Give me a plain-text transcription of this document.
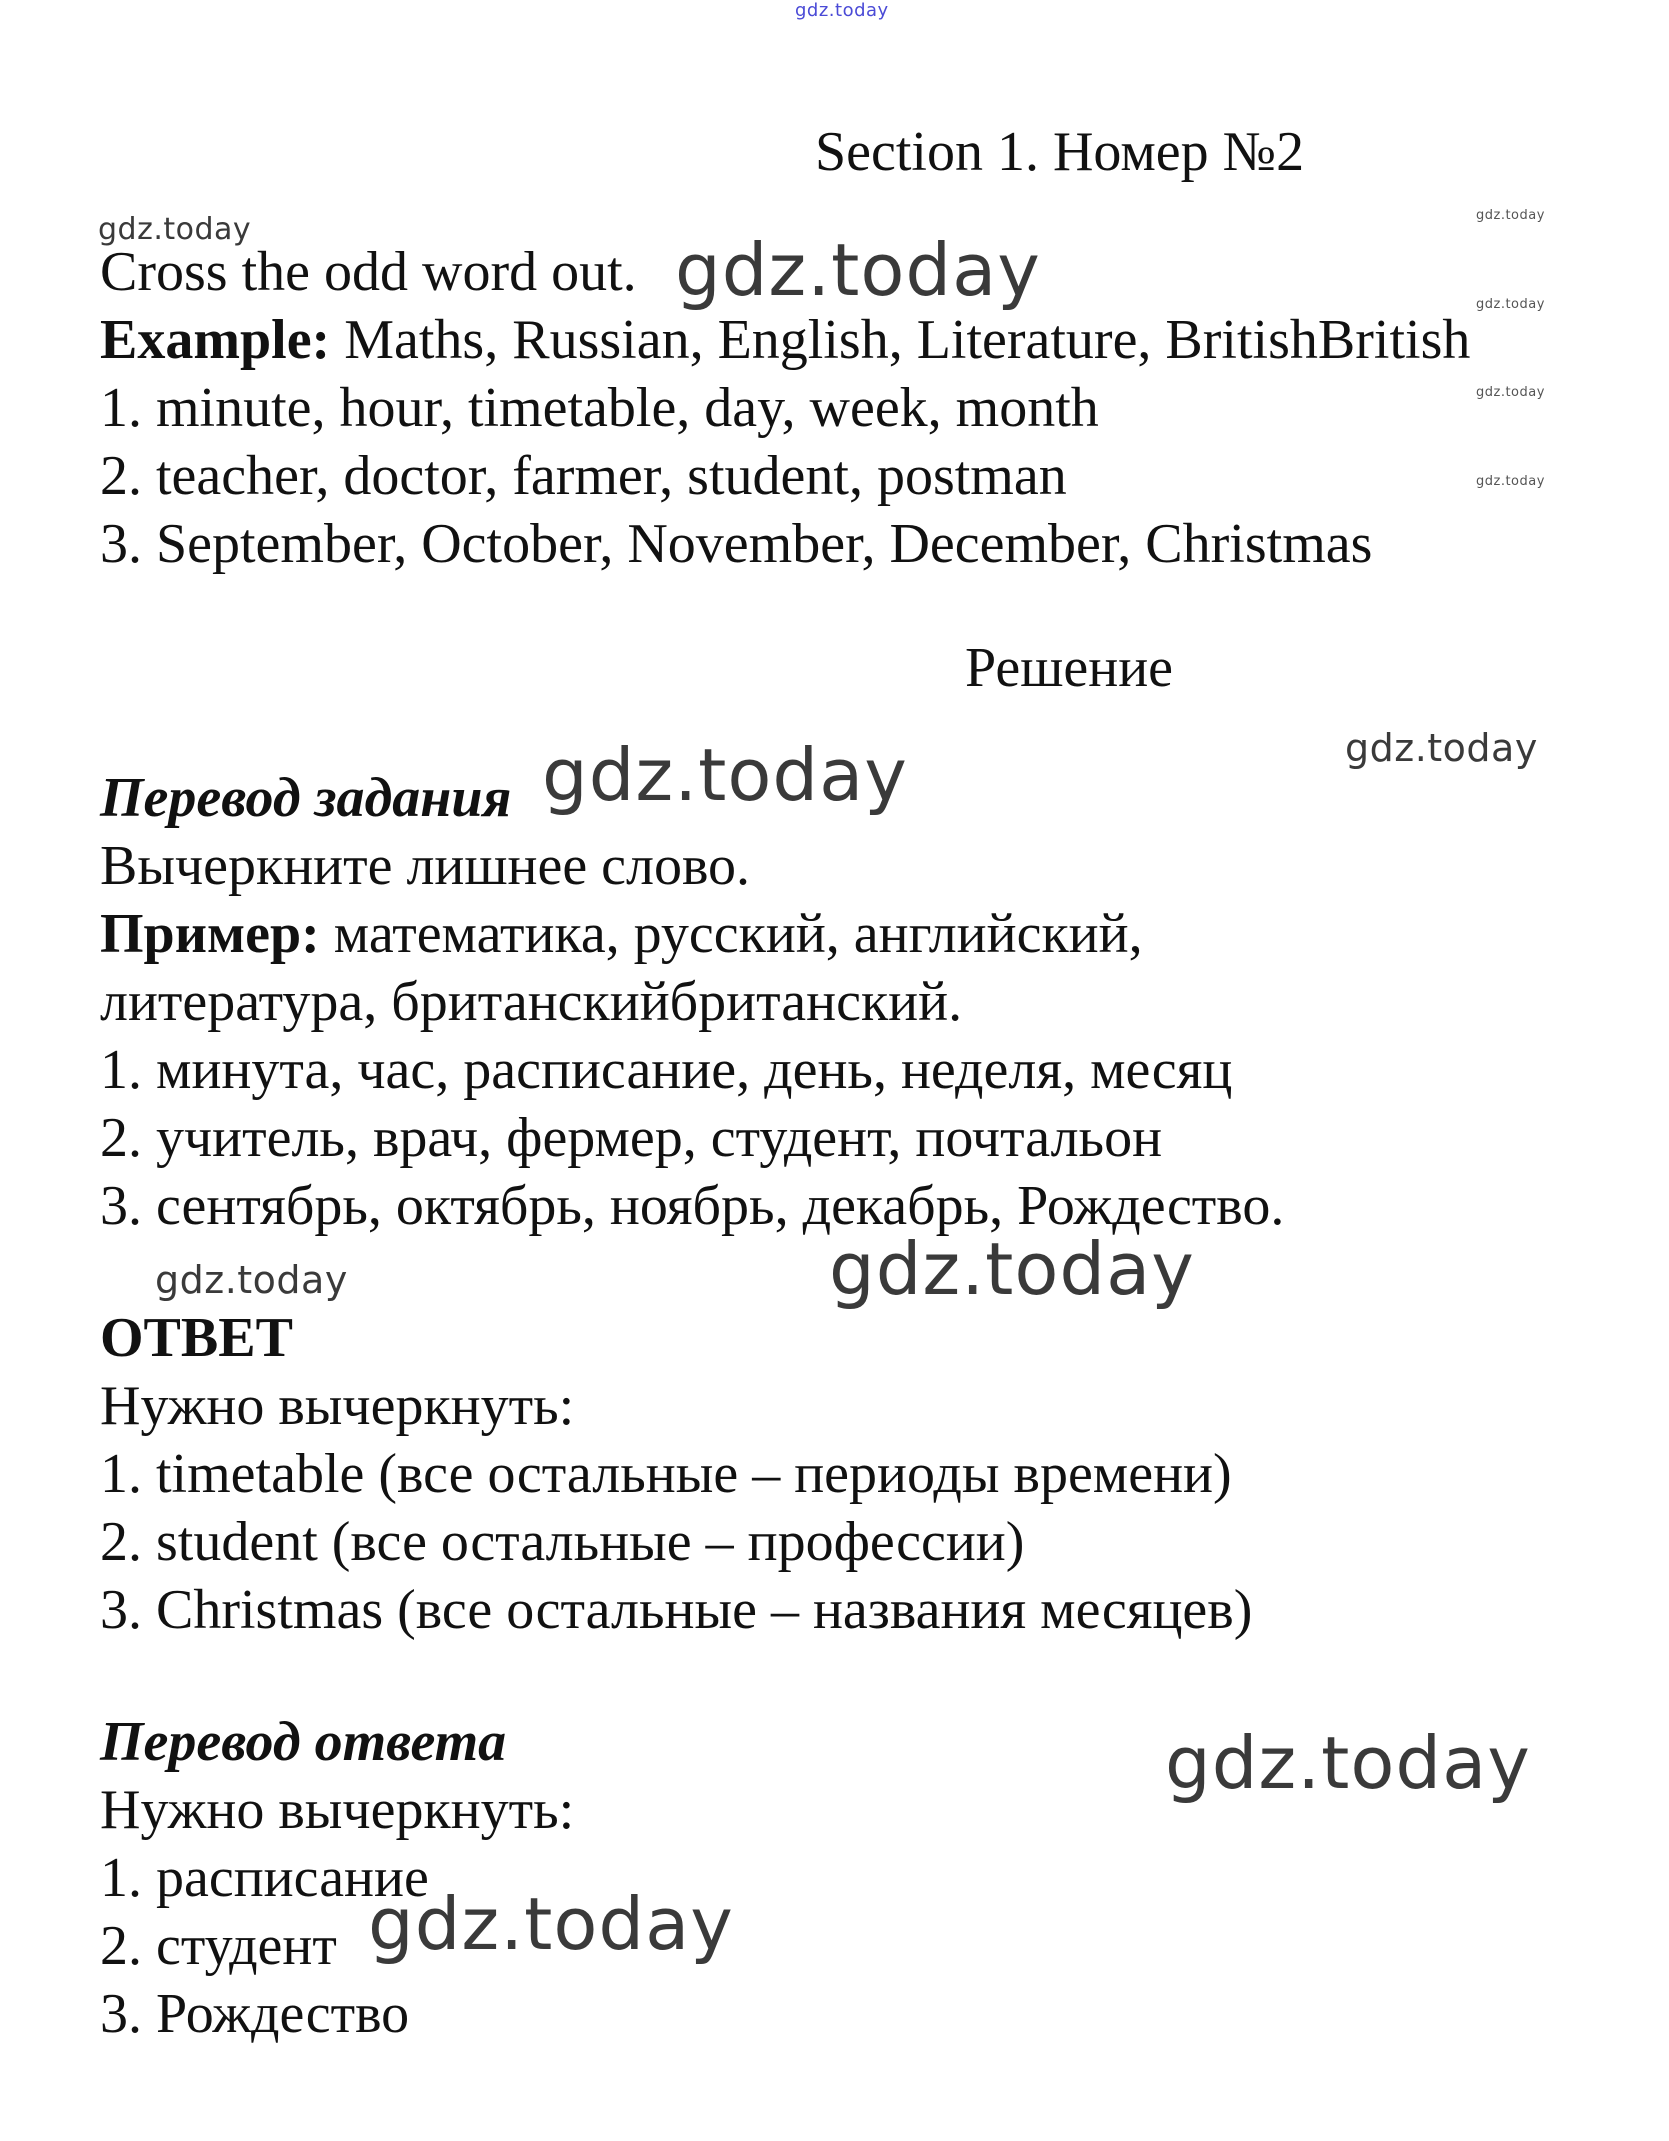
gdz.today
gdz.today	gdz.today
gdz.today
gdz.today
gdz.today
gdz.today
gdz.today
gdz.today
gdz.today
gdz.today
gdz.today
gdz.today
Section 1. Номер №2
Cross the odd word out.
Example: Maths, Russian, English, Literature, BritishBritish
1. minute, hour, timetable, day, week, month
2. teacher, doctor, farmer, student, postman
3. September, October, November, December, Christmas
Решение
Перевод задания
Вычеркните лишнее слово.
Пример: математика, русский, английский,
литература, британскийбританский.
1. минута, час, расписание, день, неделя, месяц
2. учитель, врач, фермер, студент, почтальон
3. сентябрь, октябрь, ноябрь, декабрь, Рождество.
ОТВЕТ
Нужно вычеркнуть:
1. timetable (все остальные – периоды времени)
2. student (все остальные – профессии)
3. Christmas (все остальные – названия месяцев)
Перевод ответа
Нужно вычеркнуть:
1. расписание
2. студент
3. Рождество
